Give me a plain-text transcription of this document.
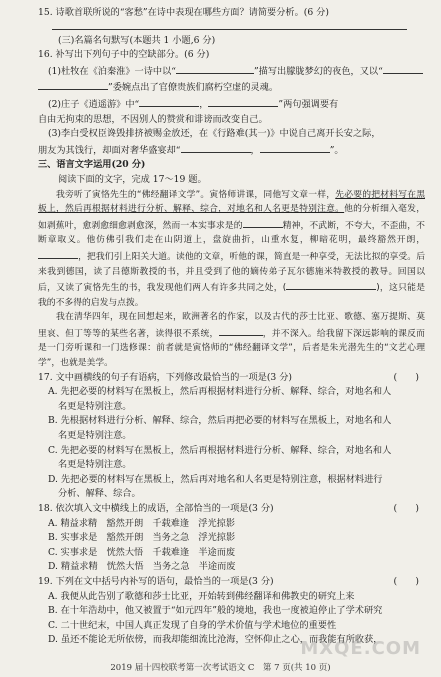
15. 诗歌首联所说的“客愁”在诗中表现在哪些方面？请简要分析。(6 分)
(三)名篇名句默写(本题共 1 小题,6 分)
16. 补写出下列句子中的空缺部分。(6 分)
(1)杜牧在《泊秦淮》一诗中以“	”描写出朦胧梦幻的夜色，又以“
”委婉点出了官僚贵族们腐朽空虚的灵魂。
(2)庄子《逍遥游》中“	，	”两句强调要有
自由无拘束的思想，不因别人的赞赏和诽谤而改变自己。
(3)李白受权臣谗毁排挤被赐金放还，在《行路难(其一)》中说自己离开长安之际，
朋友为其饯行，却面对奢华盛宴却“	，	”。
三、语言文字运用(20 分)
阅读下面的文字，完成 17～19 题。
我旁听了寅恪先生的“佛经翻译文学”。寅恪师讲课，同他写文章一样，先必要的把材料写在黑板上，然后再根据材料进行分析、解释、综合，对地名和人名更是特别注意。他的分析细入毫发，如剥蕉叶，愈剥愈细愈剥愈深，然而一本实事求是的	精神，不武断，不夸大，不歪曲，不断章取义。他仿佛引我们走在山阴道上，盘旋曲折，山重水复，柳暗花明，最终豁然开朗，，把我们引上阳关大道。读他的文章，听他的课，简直是一种享受，无法比拟的享受。后来我到德国，读了吕德斯教授的书，并且受到了他的嫡传弟子瓦尔德施米特教授的教导。回国以后，又读了寅恪先生的书，我发现他们两人有许多共同之处，(	)，这只能是我的不多得的启发与点拨。
我在清华四年，现在回想起来，欧洲著名的作家，以及古代的莎士比亚、歌德、塞万提斯、莫里哀、但丁等等的某些名著，读得很不系统，	，并不深入。给我留下深远影响的课反而是一门旁听课和一门选修课：前者就是寅恪师的“佛经翻译文学”，后者是朱光潜先生的“文艺心理学”，也就是美学。
17. 文中画横线的句子有语病，下列修改最恰当的一项是(3 分)	(　　)
A. 先把必要的材料写在黑板上，然后再根据材料进行分析、解释、综合，对地名和人
名更是特别注意。
B. 先根据材料进行分析、解释、综合，然后再把必要的材料写在黑板上，对地名和人
名更是特别注意。
C. 先把必要的材料写在黑板上，然后再根据材料进行分析、解释、综合，对地名和人
名更是特别注意。
D. 先把必要的材料写在黑板上，然后再对地名和人名更是特别注意，根据材料进行
分析、解释、综合。
18. 依次填入文中横线上的成语，全部恰当的一项是(3 分)	(　　)
A. 精益求精　 豁然开朗　 千载难逢　 浮光掠影
B. 实事求是　 豁然开朗　 当务之急　 浮光掠影
C. 实事求是　 恍然大悟　 千载难逢　 半途而废
D. 精益求精　 恍然大悟　 当务之急　 半途而废
19. 下列在文中括号内补写的语句，最恰当的一项是(3 分)	(　　)
A. 我便从此告别了歌德和莎士比亚，开始转到佛经翻译和佛教史的研究上来
B. 在十年浩劫中，他又被置于“如元四年”般的境地，我也一度被迫停止了学术研究
C. 二十世纪末，中国人真正发现了自身的学术价值与学术地位的重要性
D. 虽还不能论无所依傍，而我却能细流比沧海，空怀仰止之心，而我能有所收获，
MXQE.COM
2019 届十四校联考第一次考试语文 C　第 7 页(共 10 页)
